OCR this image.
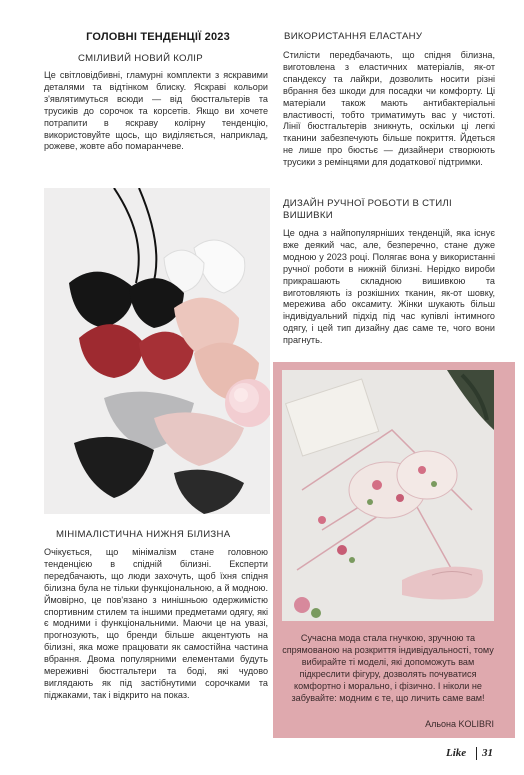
ГОЛОВНІ ТЕНДЕНЦІЇ 2023
СМІЛИВИЙ НОВИЙ КОЛІР
Це світловідбивні, гламурні комплекти з яскравими деталями та відтінком блиску. Яскраві кольори з'являтимуться всюди — від бюстгальтерів та трусиків до сорочок та корсетів. Якщо ви хочете потрапити в яскраву колірну тенденцію, використовуйте щось, що виділяється, наприклад, рожеве, жовте або помаранчеве.
МІНІМАЛІСТИЧНА НИЖНЯ БІЛИЗНА
Очікується, що мінімалізм стане головною тенденцією в спідній білизні. Експерти передбачають, що люди захочуть, щоб їхня спідня білизна була не тільки функціональною, а й модною. Ймовірно, це пов'язано з нинішньою одержимістю спортивним стилем та іншими предметами одягу, які є модними і функціональними. Маючи це на увазі, прогнозують, що бренди більше акцентують на білизні, яка може працювати як самостійна частина вбрання. Двома популярними елементами будуть мереживні бюстгальтери та боді, які чудово виглядають як під застібнутими сорочками та піджаками, так і відкрито на показ.
ВИКОРИСТАННЯ ЕЛАСТАНУ
Стилісти передбачають, що спідня білизна, виготовлена з еластичних матеріалів, як-от спандексу та лайкри, дозволить носити різні вбрання без шкоди для посадки чи комфорту. Ці матеріали також мають антибактеріальні властивості, тобто триматимуть вас у чистоті. Лінії бюстгальтерів зникнуть, оскільки ці легкі тканини забезпечують більше покриття. Йдеться не лише про бюстьє — дизайнери створюють трусики з ремінцями для додаткової підтримки.
ДИЗАЙН РУЧНОЇ РОБОТИ В СТИЛІ ВИШИВКИ
Це одна з найпопулярніших тенденцій, яка існує вже деякий час, але, безперечно, стане дуже модною у 2023 році. Полягає вона у використанні ручної роботи в нижній білизні. Нерідко вироби прикрашають складною вишивкою та виготовляють із розкішних тканин, як-от шовку, мережива або оксамиту. Жінки шукають більш індивідуальний підхід під час купівлі інтимного одягу, і цей тип дизайну дає саме те, чого вони прагнуть.
Сучасна мода стала гнучкою, зручною та спрямованою на розкриття індивідуальності, тому вибирайте ті моделі, які допоможуть вам підкреслити фігуру, дозволять почуватися комфортно і морально, і фізично. І ніколи не забувайте: модним є те, що личить саме вам!
Альона KOLIBRI
Like 31
